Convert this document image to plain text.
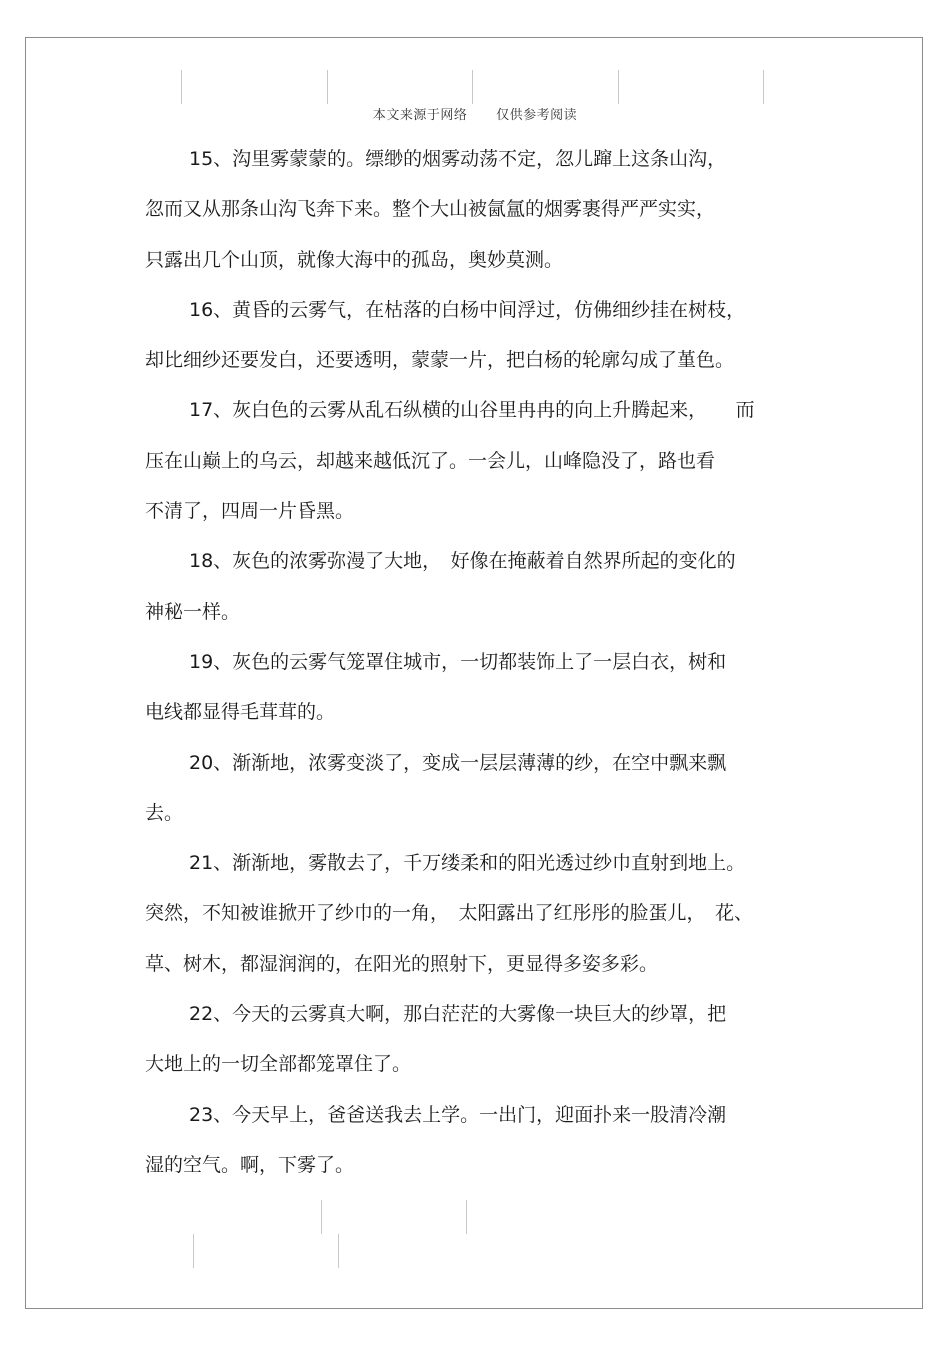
本文来源于网络 仅供参考阅读

15、沟里雾蒙蒙的。缥缈的烟雾动荡不定，忽儿蹿上这条山沟，
忽而又从那条山沟飞奔下来。整个大山被氤氲的烟雾裹得严严实实，
只露出几个山顶，就像大海中的孤岛，奥妙莫测。

16、黄昏的云雾气，在枯落的白杨中间浮过，仿佛细纱挂在树枝，
却比细纱还要发白，还要透明，蒙蒙一片，把白杨的轮廓勾成了堇色。

17、灰白色的云雾从乱石纵横的山谷里冉冉的向上升腾起来，　　而
压在山巅上的乌云，却越来越低沉了。一会儿，山峰隐没了，路也看
不清了，四周一片昏黑。

18、灰色的浓雾弥漫了大地，　好像在掩蔽着自然界所起的变化的
神秘一样。

19、灰色的云雾气笼罩住城市，一切都装饰上了一层白衣，树和
电线都显得毛茸茸的。

20、渐渐地，浓雾变淡了，变成一层层薄薄的纱，在空中飘来飘
去。

21、渐渐地，雾散去了，千万缕柔和的阳光透过纱巾直射到地上。
突然，不知被谁掀开了纱巾的一角，　太阳露出了红彤彤的脸蛋儿，　花、
草、树木，都湿润润的，在阳光的照射下，更显得多姿多彩。

22、今天的云雾真大啊，那白茫茫的大雾像一块巨大的纱罩，把
大地上的一切全部都笼罩住了。

23、今天早上，爸爸送我去上学。一出门，迎面扑来一股清冷潮
湿的空气。啊，下雾了。
